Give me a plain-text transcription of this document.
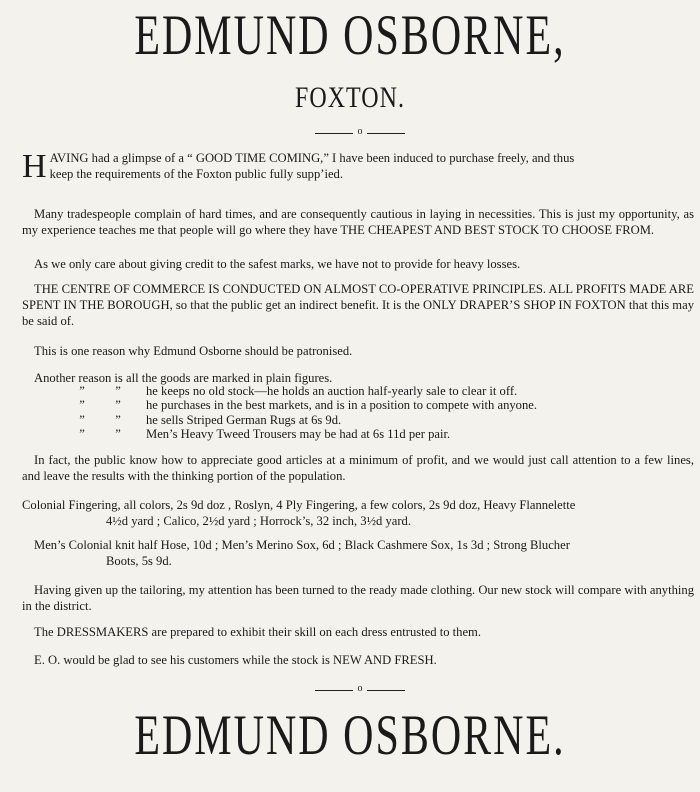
EDMUND OSBORNE,
FOXTON.
o
H AVING had a glimpse of a “ GOOD TIME COMING,” I have been induced to purchase freely, and thus
keep the requirements of the Foxton public fully supp’ied.

Many tradespeople complain of hard times, and are consequently cautious in laying in necessities. This is just my opportunity, as my experience teaches me that people will go where they have THE CHEAPEST AND BEST STOCK TO CHOOSE FROM.

As we only care about giving credit to the safest marks, we have not to provide for heavy losses.

THE CENTRE OF COMMERCE IS CONDUCTED ON ALMOST CO-OPERATIVE PRINCIPLES. ALL PROFITS MADE ARE SPENT IN THE BOROUGH, so that the public get an indirect benefit. It is the ONLY DRAPER’S SHOP IN FOXTON that this may be said of.

This is one reason why Edmund Osborne should be patronised.

Another reason is all the goods are marked in plain figures.

” ”	he keeps no old stock—he holds an auction half-yearly sale to clear it off.
” ”	he purchases in the best markets, and is in a position to compete with anyone.
” ”	he sells Striped German Rugs at 6s 9d.
” ”	Men’s Heavy Tweed Trousers may be had at 6s 11d per pair.

In fact, the public know how to appreciate good articles at a minimum of profit, and we would just call attention to a few lines, and leave the results with the thinking portion of the population.

Colonial Fingering, all colors, 2s 9d doz , Roslyn, 4 Ply Fingering, a few colors, 2s 9d doz, Heavy Flannelette
4½d yard ; Calico, 2½d yard ; Horrock’s, 32 inch, 3½d yard.
Men’s Colonial knit half Hose, 10d ; Men’s Merino Sox, 6d ; Black Cashmere Sox, 1s 3d ; Strong Blucher
Boots, 5s 9d.

Having given up the tailoring, my attention has been turned to the ready made clothing. Our new stock will compare with anything in the district.

The DRESSMAKERS are prepared to exhibit their skill on each dress entrusted to them.

E. O. would be glad to see his customers while the stock is NEW AND FRESH.

o
EDMUND OSBORNE.
